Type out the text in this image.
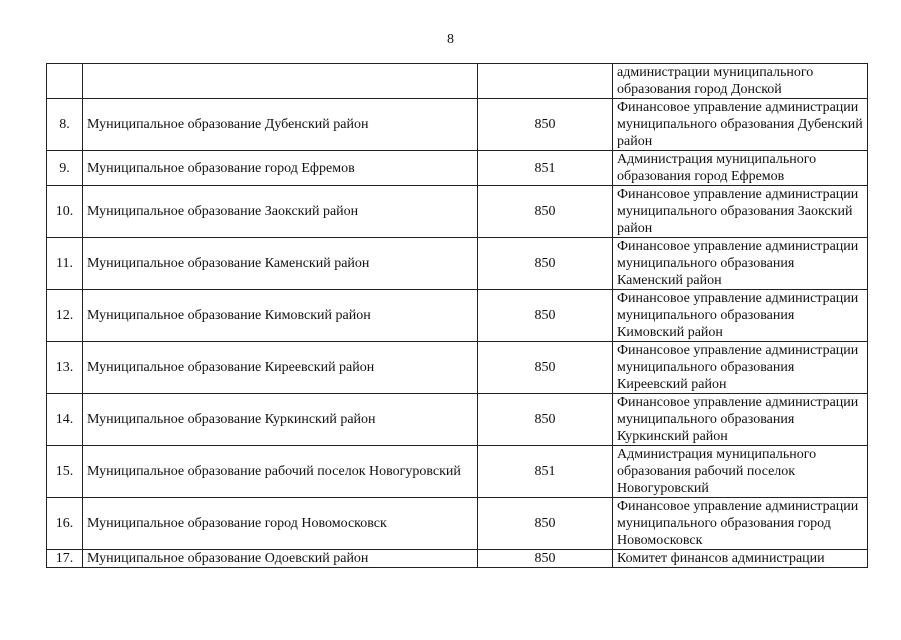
8
			администрации муниципального образования город Донской
8.	Муниципальное образование Дубенский район	850	Финансовое управление администрации муниципального образования Дубенский район
9.	Муниципальное образование город Ефремов	851	Администрация муниципального образования город Ефремов
10.	Муниципальное образование Заокский район	850	Финансовое управление администрации муниципального образования Заокский район
11.	Муниципальное образование Каменский район	850	Финансовое управление администрации муниципального образования Каменский район
12.	Муниципальное образование Кимовский район	850	Финансовое управление администрации муниципального образования Кимовский район
13.	Муниципальное образование Киреевский район	850	Финансовое управление администрации муниципального образования Киреевский район
14.	Муниципальное образование Куркинский район	850	Финансовое управление администрации муниципального образования Куркинский район
15.	Муниципальное образование рабочий поселок Новогуровский	851	Администрация муниципального образования рабочий поселок Новогуровский
16.	Муниципальное образование город Новомосковск	850	Финансовое управление администрации муниципального образования город Новомосковск
17.	Муниципальное образование Одоевский район	850	Комитет финансов администрации
